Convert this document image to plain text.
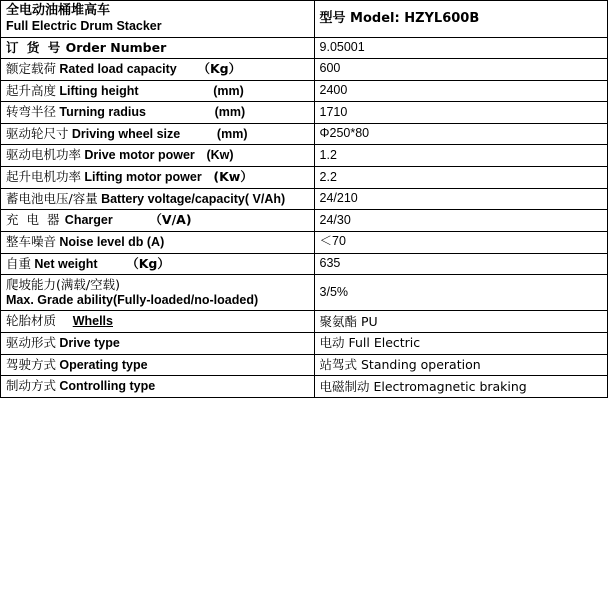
全电动油桶堆高车
Full Electric Drum Stacker	型号 Model: HZYL600B
订 货 号 Order Number	9.05001
额定载荷 Rated load capacity （Kg）	600
起升高度 Lifting height (mm)	2400
转弯半径 Turning radius (mm)	1710
驱动轮尺寸 Driving wheel size (mm)	Φ250*80
驱动电机功率 Drive motor power (Kw)	1.2
起升电机功率 Lifting motor power (Kw）	2.2
蓄电池电压/容量 Battery voltage/capacity( V/Ah)	24/210
充 电 器 Charger （V/A)	24/30
整车噪音 Noise level db (A)	＜70
自重 Net weight （Kg）	635

爬坡能力(满载/空载)
Max. Grade ability(Fully-loaded/no-loaded)	3/5%
轮胎材质 Whells	聚氨酯 PU
驱动形式 Drive type	电动 Full Electric
驾驶方式 Operating type	站驾式 Standing operation
制动方式 Controlling type	电磁制动 Electromagnetic braking
